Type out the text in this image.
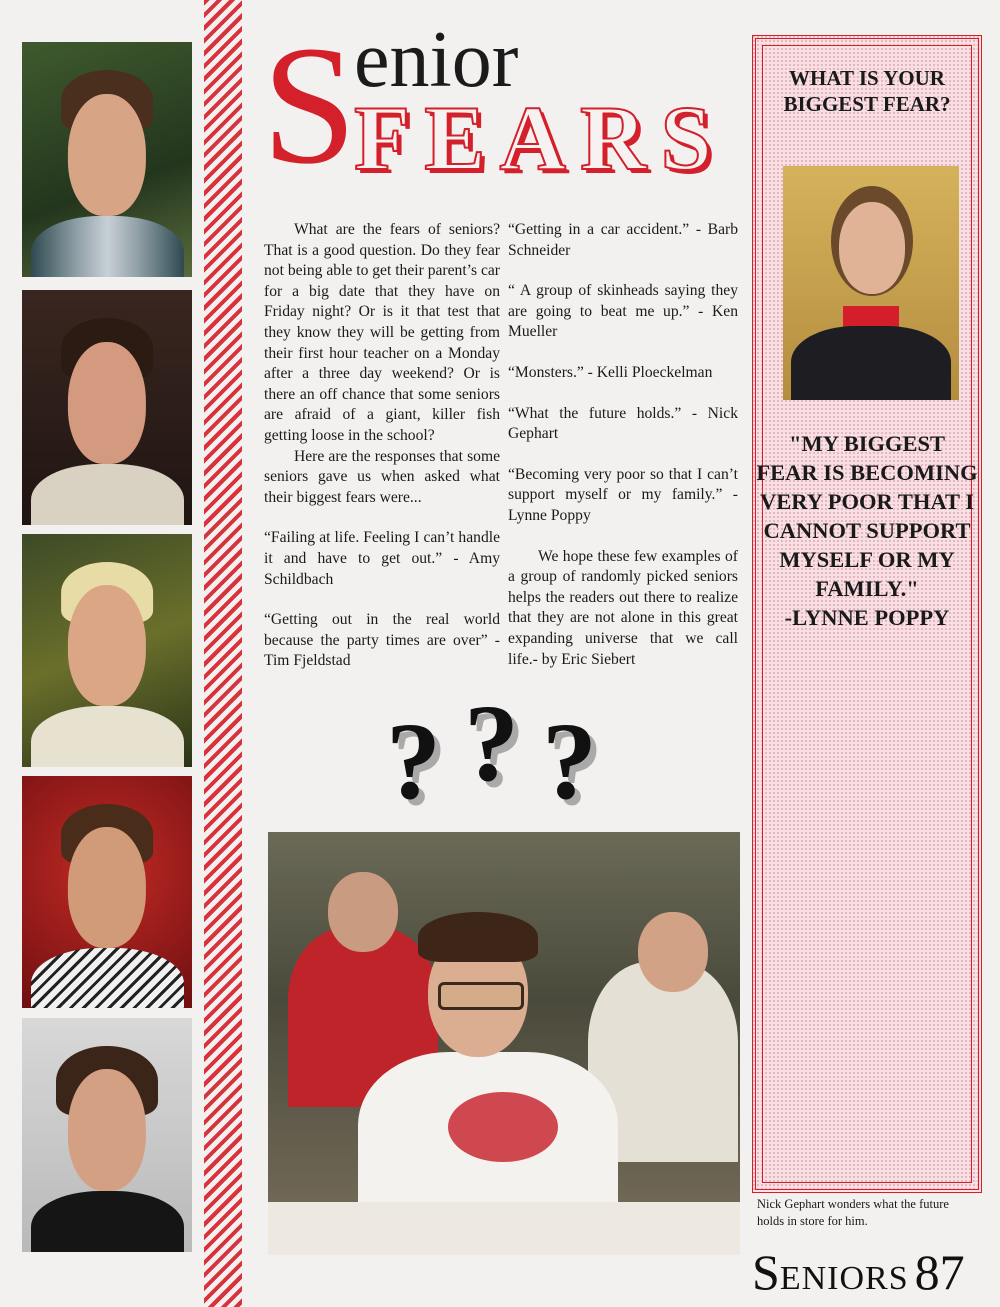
S
enior
FEARS

What are the fears of seniors? That is a good question. Do they fear not being able to get their parent’s car for a big date that they have on Friday night? Or is it that test that they know they will be getting from their first hour teacher on a Monday after a three day weekend? Or is there an off chance that some seniors are afraid of a giant, killer fish getting loose in the school?

Here are the responses that some seniors gave us when asked what their biggest fears were...

“Failing at life. Feeling I can’t handle it and have to get out.” - Amy Schildbach

“Getting out in the real world because the party times are over” - Tim Fjeldstad

“Getting in a car accident.” - Barb Schneider

“ A group of skinheads saying they are going to beat me up.” - Ken Mueller

“Monsters.” - Kelli Ploeckelman

“What the future holds.” - Nick Gephart

“Becoming very poor so that I can’t support myself or my family.” - Lynne Poppy

We hope these few examples of a group of randomly picked seniors helps the readers out there to realize that they are not alone in this great expanding universe that we call life.- by Eric Siebert

? ? ?
WHAT IS YOUR BIGGEST FEAR?
"MY BIGGEST FEAR IS BECOMING VERY POOR THAT I CANNOT SUPPORT MYSELF OR MY FAMILY."
-LYNNE POPPY
Nick Gephart wonders what the future holds in store for him.
SENIORS 87
